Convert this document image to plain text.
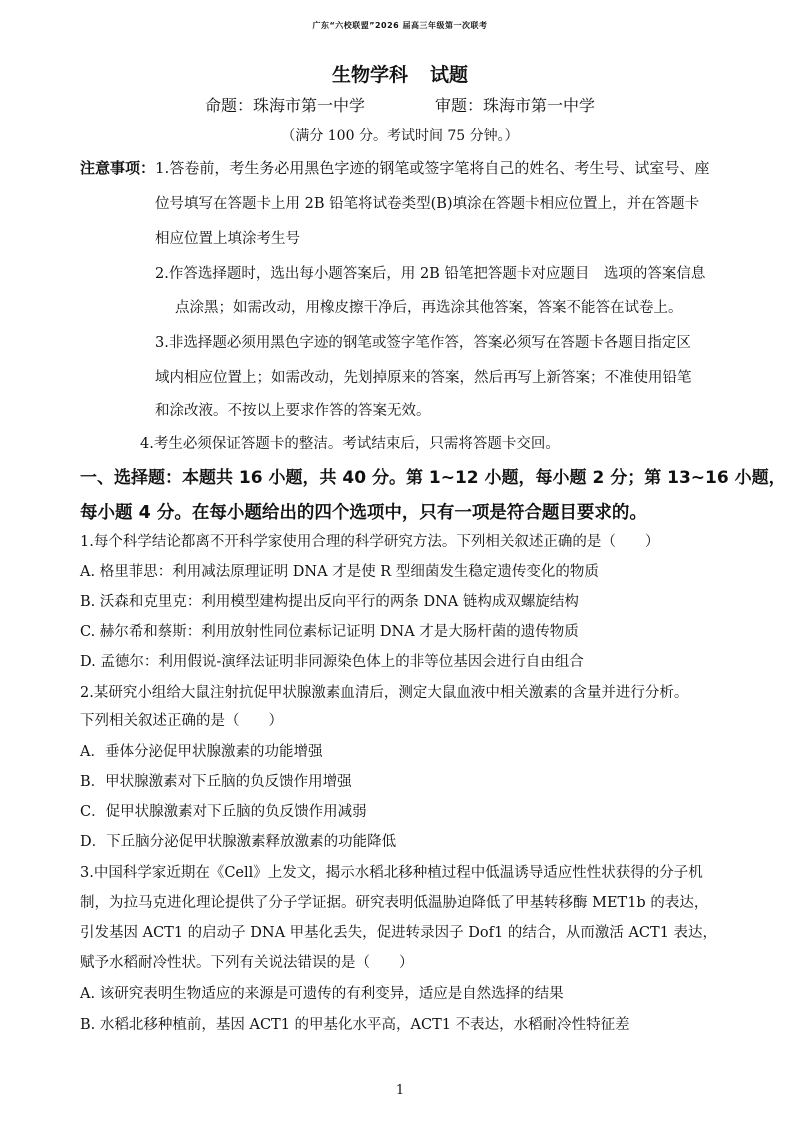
广东“六校联盟”2026 届高三年级第一次联考
生物学科 试题
命题：珠海市第一中学	审题：珠海市第一中学
（满分 100 分。考试时间 75 分钟。）
注意事项：1.答卷前，考生务必用黑色字迹的钢笔或签字笔将自己的姓名、考生号、试室号、座
位号填写在答题卡上用 2B 铅笔将试卷类型(B)填涂在答题卡相应位置上，并在答题卡
相应位置上填涂考生号
2.作答选择题时，选出每小题答案后，用 2B 铅笔把答题卡对应题目　选项的答案信息
点涂黑；如需改动，用橡皮擦干净后，再选涂其他答案，答案不能答在试卷上。
3.非选择题必须用黑色字迹的钢笔或签字笔作答，答案必须写在答题卡各题目指定区
域内相应位置上；如需改动，先划掉原来的答案，然后再写上新答案；不准使用铅笔
和涂改液。不按以上要求作答的答案无效。
4.考生必须保证答题卡的整洁。考试结束后，只需将答题卡交回。
一、选择题：本题共 16 小题，共 40 分。第 1~12 小题，每小题 2 分；第 13~16 小题，
每小题 4 分。在每小题给出的四个选项中，只有一项是符合题目要求的。
1.每个科学结论都离不开科学家使用合理的科学研究方法。下列相关叙述正确的是（　　）
A. 格里菲思：利用减法原理证明 DNA 才是使 R 型细菌发生稳定遗传变化的物质
B. 沃森和克里克：利用模型建构提出反向平行的两条 DNA 链构成双螺旋结构
C. 赫尔希和蔡斯：利用放射性同位素标记证明 DNA 才是大肠杆菌的遗传物质
D. 孟德尔：利用假说-演绎法证明非同源染色体上的非等位基因会进行自由组合
2.某研究小组给大鼠注射抗促甲状腺激素血清后，测定大鼠血液中相关激素的含量并进行分析。
下列相关叙述正确的是（　　）
A．垂体分泌促甲状腺激素的功能增强
B．甲状腺激素对下丘脑的负反馈作用增强
C．促甲状腺激素对下丘脑的负反馈作用减弱
D．下丘脑分泌促甲状腺激素释放激素的功能降低
3.中国科学家近期在《Cell》上发文，揭示水稻北移种植过程中低温诱导适应性性状获得的分子机
制，为拉马克进化理论提供了分子学证据。研究表明低温胁迫降低了甲基转移酶 MET1b 的表达，
引发基因 ACT1 的启动子 DNA 甲基化丢失，促进转录因子 Dof1 的结合，从而激活 ACT1 表达，
赋予水稻耐冷性状。下列有关说法错误的是（　　）
A. 该研究表明生物适应的来源是可遗传的有利变异，适应是自然选择的结果
B. 水稻北移种植前，基因 ACT1 的甲基化水平高，ACT1 不表达，水稻耐冷性特征差
1
